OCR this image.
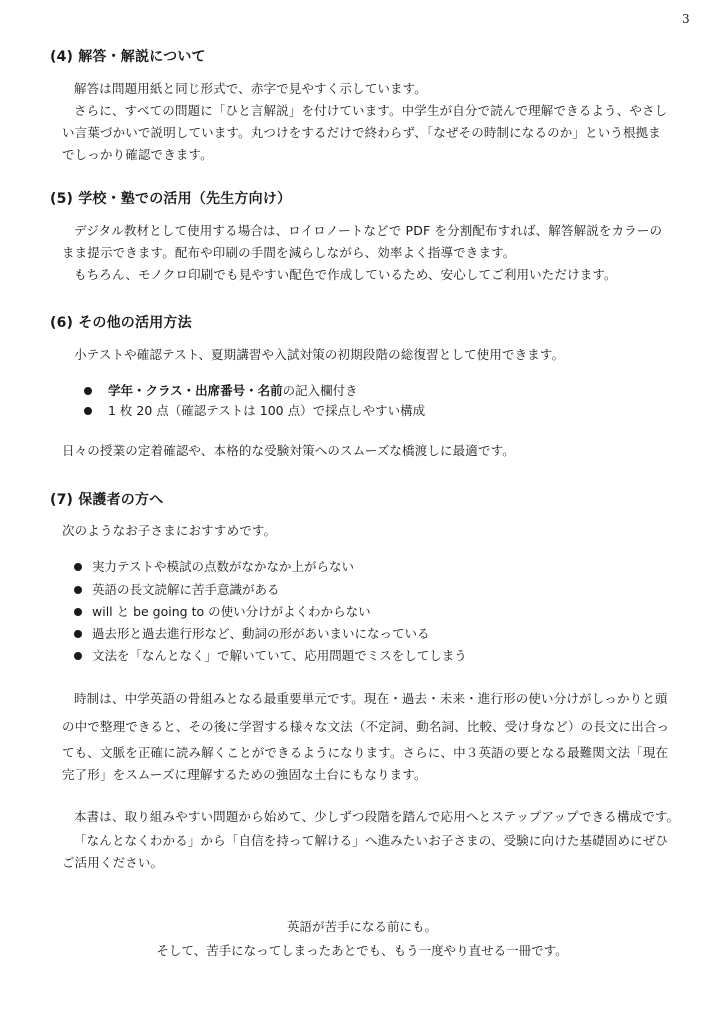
3
(4) 解答・解説について
解答は問題用紙と同じ形式で、赤字で見やすく示しています。
さらに、すべての問題に「ひと言解説」を付けています。中学生が自分で読んで理解できるよう、やさし
い言葉づかいで説明しています。丸つけをするだけで終わらず、「なぜその時制になるのか」という根拠ま
でしっかり確認できます。
(5) 学校・塾での活用（先生方向け）
デジタル教材として使用する場合は、ロイロノートなどで PDF を分割配布すれば、解答解説をカラーの
まま提示できます。配布や印刷の手間を減らしながら、効率よく指導できます。
もちろん、モノクロ印刷でも見やすい配色で作成しているため、安心してご利用いただけます。
(6) その他の活用方法
小テストや確認テスト、夏期講習や入試対策の初期段階の総復習として使用できます。
学年・クラス・出席番号・名前の記入欄付き
1 枚 20 点（確認テストは 100 点）で採点しやすい構成
日々の授業の定着確認や、本格的な受験対策へのスムーズな橋渡しに最適です。
(7) 保護者の方へ
次のようなお子さまにおすすめです。
実力テストや模試の点数がなかなか上がらない
英語の長文読解に苦手意識がある
will と be going to の使い分けがよくわからない
過去形と過去進行形など、動詞の形があいまいになっている
文法を「なんとなく」で解いていて、応用問題でミスをしてしまう
時制は、中学英語の骨組みとなる最重要単元です。現在・過去・未来・進行形の使い分けがしっかりと頭
の中で整理できると、その後に学習する様々な文法（不定詞、動名詞、比較、受け身など）の長文に出合っ
ても、文脈を正確に読み解くことができるようになります。さらに、中３英語の要となる最難関文法「現在
完了形」をスムーズに理解するための強固な土台にもなります。
本書は、取り組みやすい問題から始めて、少しずつ段階を踏んで応用へとステップアップできる構成です。
「なんとなくわかる」から「自信を持って解ける」へ進みたいお子さまの、受験に向けた基礎固めにぜひ
ご活用ください。
英語が苦手になる前にも。
そして、苦手になってしまったあとでも、もう一度やり直せる一冊です。
